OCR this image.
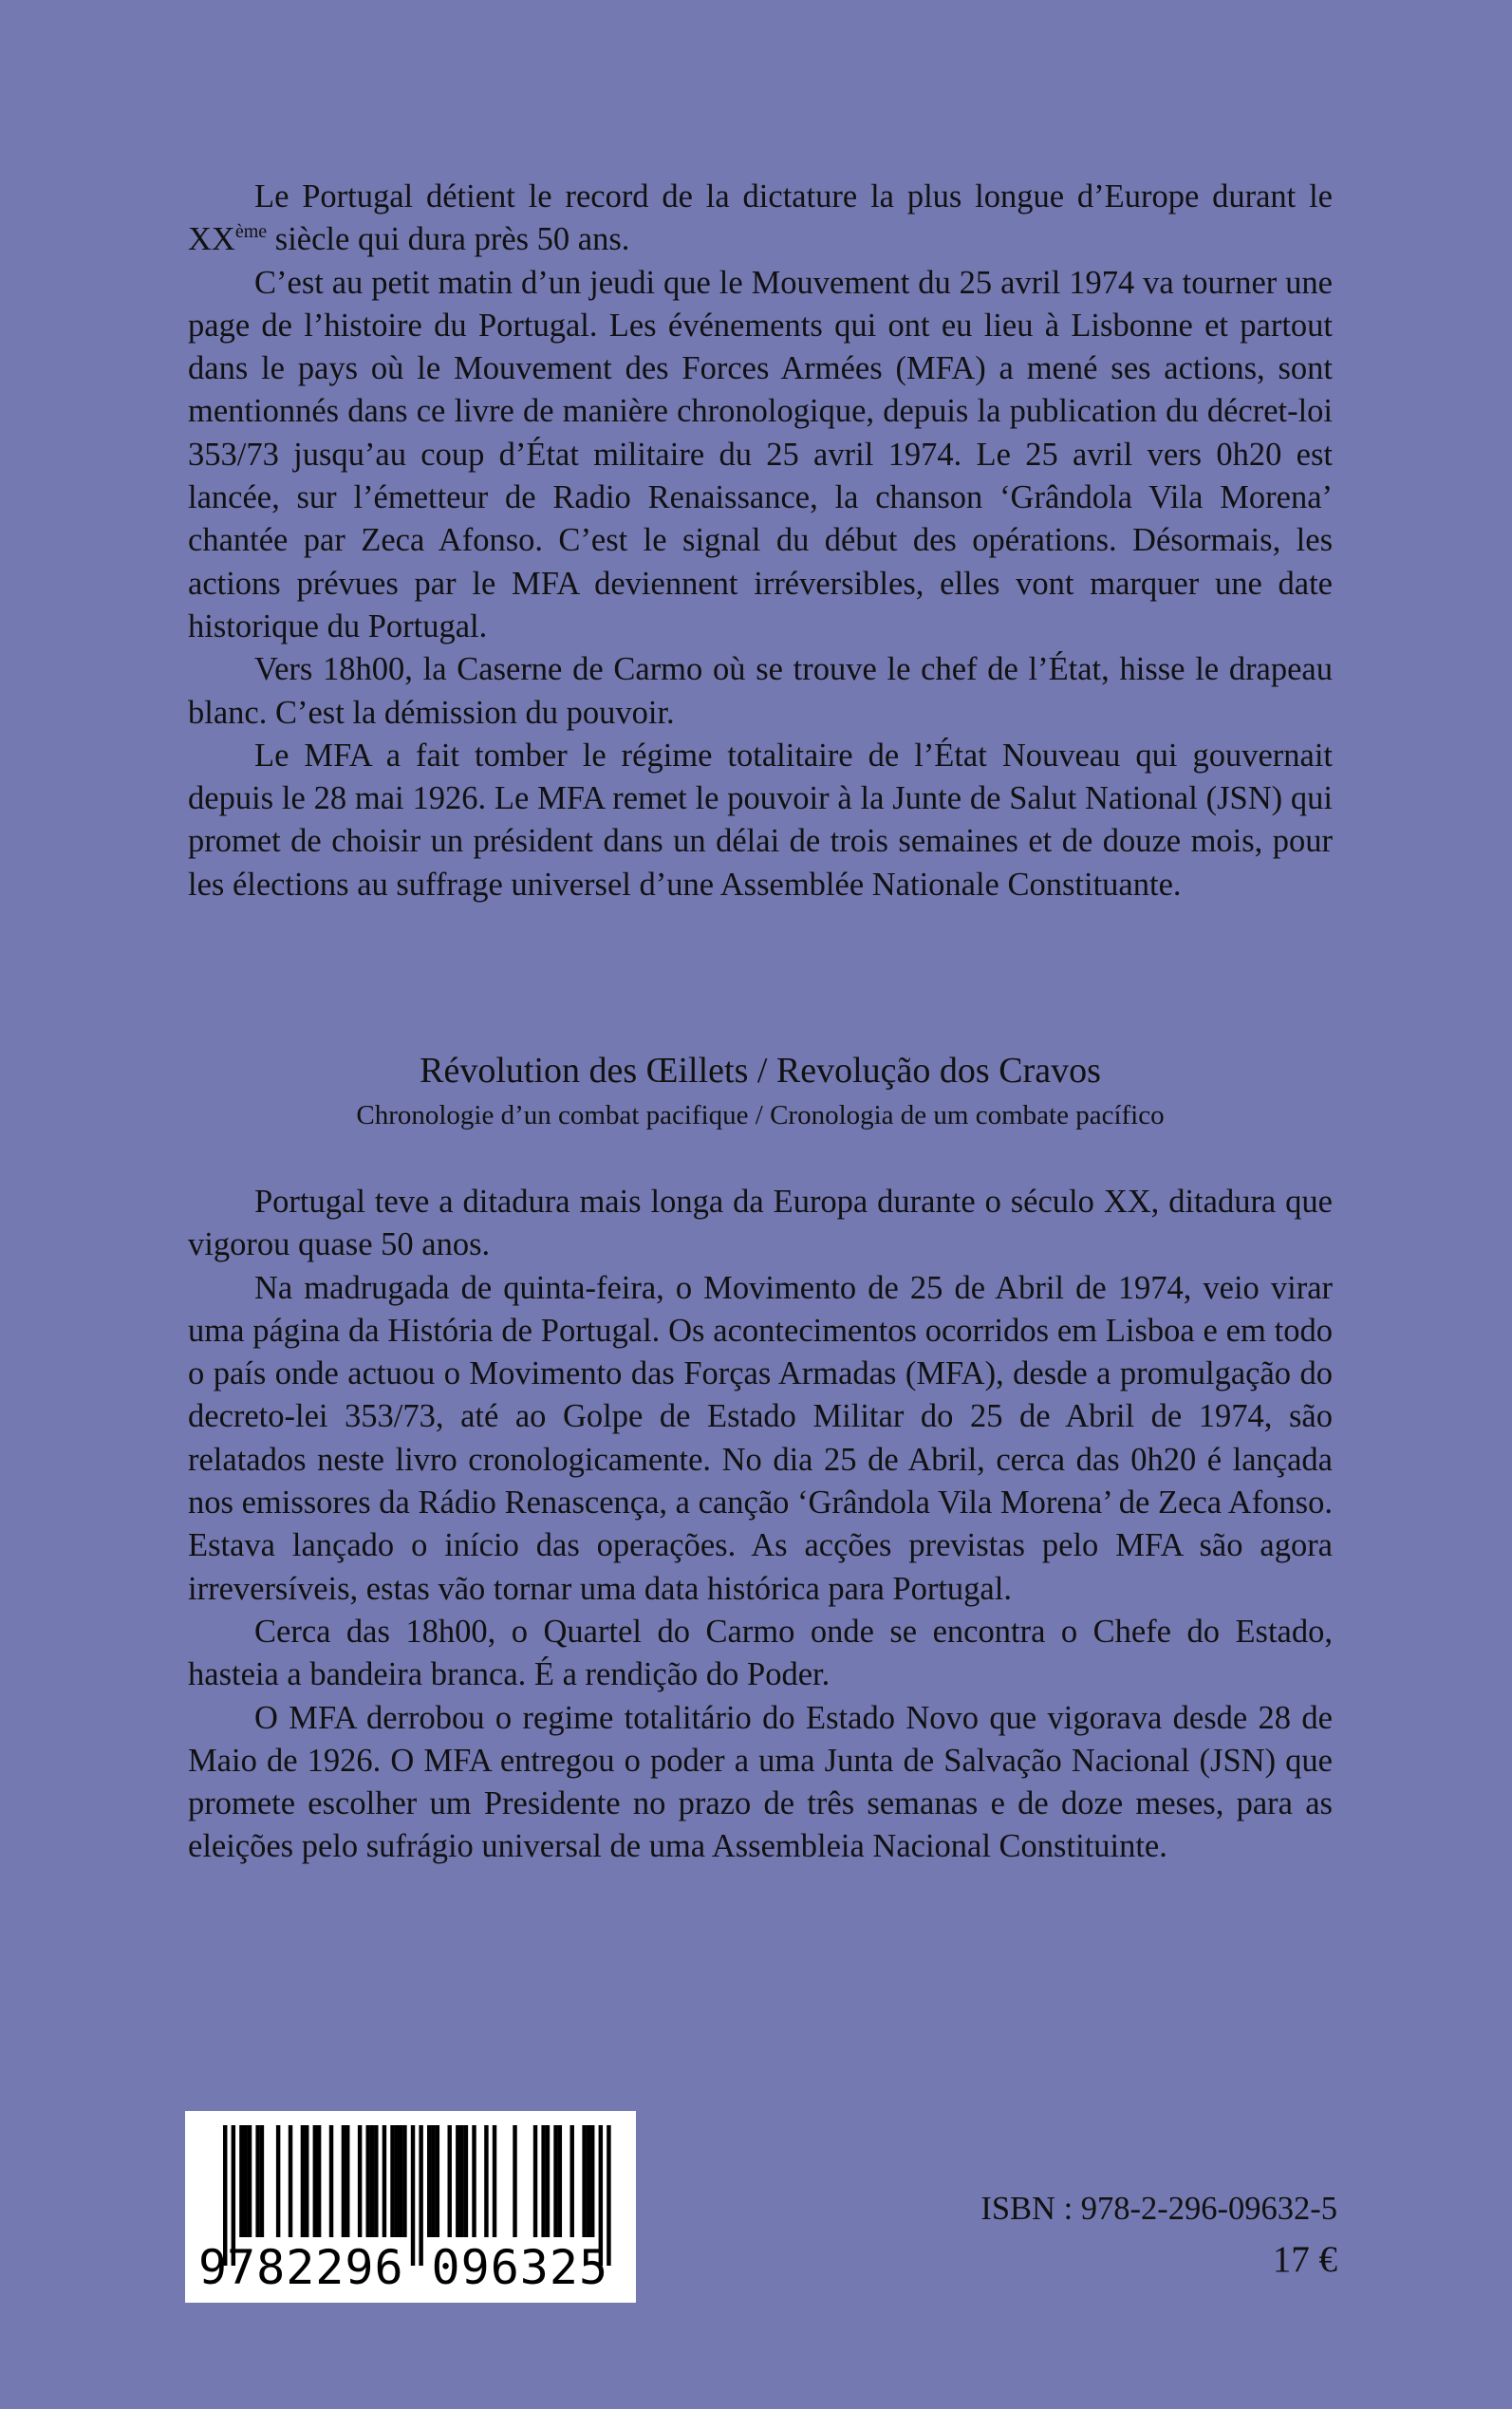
Le Portugal détient le record de la dictature la plus longue d’Europe durant le XXème siècle qui dura près 50 ans.

C’est au petit matin d’un jeudi que le Mouvement du 25 avril 1974 va tourner une page de l’histoire du Portugal. Les événements qui ont eu lieu à Lisbonne et partout dans le pays où le Mouvement des Forces Armées (MFA) a mené ses actions, sont mentionnés dans ce livre de manière chronologique, depuis la publication du décret-loi 353/73 jusqu’au coup d’État militaire du 25 avril 1974. Le 25 avril vers 0h20 est lancée, sur l’émetteur de Radio Renaissance, la chanson ‘Grândola Vila Morena’ chantée par Zeca Afonso. C’est le signal du début des opérations. Désormais, les actions prévues par le MFA deviennent irréversibles, elles vont marquer une date historique du Portugal.

Vers 18h00, la Caserne de Carmo où se trouve le chef de l’État, hisse le drapeau blanc. C’est la démission du pouvoir.

Le MFA a fait tomber le régime totalitaire de l’État Nouveau qui gouvernait depuis le 28 mai 1926. Le MFA remet le pouvoir à la Junte de Salut National (JSN) qui promet de choisir un président dans un délai de trois semaines et de douze mois, pour les élections au suffrage universel d’une Assemblée Nationale Constituante.

Révolution des Œillets / Revolução dos Cravos

Chronologie d’un combat pacifique / Cronologia de um combate pacífico

Portugal teve a ditadura mais longa da Europa durante o século XX, ditadura que vigorou quase 50 anos.

Na madrugada de quinta-feira, o Movimento de 25 de Abril de 1974, veio virar uma página da História de Portugal. Os acontecimentos ocorridos em Lisboa e em todo o país onde actuou o Movimento das Forças Armadas (MFA), desde a promulgação do decreto-lei 353/73, até ao Golpe de Estado Militar do 25 de Abril de 1974, são relatados neste livro cronologicamente. No dia 25 de Abril, cerca das 0h20 é lançada nos emissores da Rádio Renascença, a canção ‘Grândola Vila Morena’ de Zeca Afonso. Estava lançado o início das operações. As acções previstas pelo MFA são agora irreversíveis, estas vão tornar uma data histórica para Portugal.

Cerca das 18h00, o Quartel do Carmo onde se encontra o Chefe do Estado, hasteia a bandeira branca. É a rendição do Poder.

O MFA derrobou o regime totalitário do Estado Novo que vigorava desde 28 de Maio de 1926. O MFA entregou o poder a uma Junta de Salvação Nacional (JSN) que promete escolher um Presidente no prazo de três semanas e de doze meses, para as eleições pelo sufrágio universal de uma Assembleia Nacional Constituinte.

9 782296 096325
ISBN : 978-2-296-09632-5
17 €
